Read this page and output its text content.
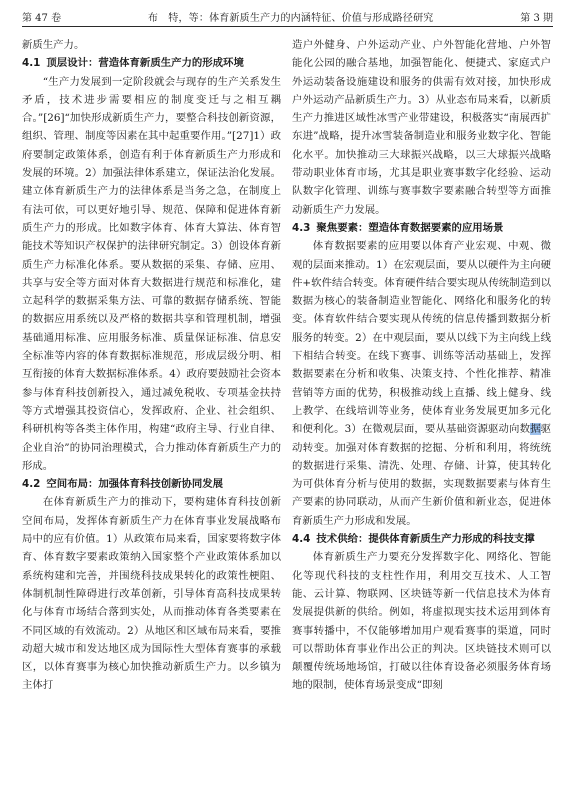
第 47 卷	布　特，等：体育新质生产力的内涵特征、价值与形成路径研究	第 3 期

新质生产力。

4.1 顶层设计：营造体育新质生产力的形成环境

“生产力发展到一定阶段就会与现存的生产关系发生矛盾，技术进步需要相应的制度变迁与之相互耦合。”[26]“加快形成新质生产力，要整合科技创新资源，组织、管理、制度等因素在其中起重要作用。”[27]1）政府要制定政策体系，创造有利于体育新质生产力形成和发展的环境。2）加强法律体系建立，保证法治化发展。建立体育新质生产力的法律体系是当务之急，在制度上有法可依，可以更好地引导、规范、保障和促进体育新质生产力的形成。比如数字体育、体育大算法、体育智能技术等知识产权保护的法律研究制定。3）创设体育新质生产力标准化体系。要从数据的采集、存储、应用、共享与安全等方面对体育大数据进行规范和标准化，建立起科学的数据采集方法、可靠的数据存储系统、智能的数据应用系统以及严格的数据共享和管理机制，增强基础通用标准、应用服务标准、质量保证标准、信息安全标准等内容的体育数据标准规范，形成层级分明、相互衔接的体育大数据标准体系。4）政府要鼓励社会资本参与体育科技创新投入，通过减免税收、专项基金扶持等方式增强其投资信心，发挥政府、企业、社会组织、科研机构等各类主体作用，构建“政府主导、行业自律、企业自治”的协同治理模式，合力推动体育新质生产力的形成。

4.2 空间布局：加强体育科技创新协同发展

在体育新质生产力的推动下，要构建体育科技创新空间布局，发挥体育新质生产力在体育事业发展战略布局中的应有价值。1）从政策布局来看，国家要将数字体育、体育数字要素政策纳入国家整个产业政策体系加以系统构建和完善，并围绕科技成果转化的政策性梗阻、体制机制性障碍进行改革创新，引导体育高科技成果转化与体育市场结合落到实处，从而推动体育各类要素在不同区域的有效流动。2）从地区和区域布局来看，要推动超大城市和发达地区成为国际性大型体育赛事的承载区，以体育赛事为核心加快推动新质生产力。以乡镇为主体打

造户外健身、户外运动产业、户外智能化营地、户外智能化公园的融合基地，加强智能化、便捷式、家庭式户外运动装备设施建设和服务的供需有效对接，加快形成户外运动产品新质生产力。3）从业态布局来看，以新质生产力推进区域性冰雪产业带建设，积极落实“南展西扩东进”战略，提升冰雪装备制造业和服务业数字化、智能化水平。加快推动三大球振兴战略，以三大球振兴战略带动职业体育市场，尤其是职业赛事数字化经验、运动队数字化管理、训练与赛事数字要素融合转型等方面推动新质生产力发展。

4.3 聚焦要素：塑造体育数据要素的应用场景

体育数据要素的应用要以体育产业宏观、中观、微观的层面来推动。1）在宏观层面，要从以硬件为主向硬件+软件结合转变。体育硬件结合要实现从传统制造到以数据为核心的装备制造业智能化、网络化和服务化的转变。体育软件结合要实现从传统的信息传播到数据分析服务的转变。2）在中观层面，要从以线下为主向线上线下相结合转变。在线下赛事、训练等活动基础上，发挥数据要素在分析和收集、决策支持、个性化推荐、精准营销等方面的优势，积极推动线上直播、线上健身、线上教学、在线培训等业务，使体育业务发展更加多元化和便利化。3）在微观层面，要从基础资源驱动向数据驱动转变。加强对体育数据的挖掘、分析和利用，将统统的数据进行采集、清洗、处理、存储、计算，使其转化为可供体育分析与使用的数据，实现数据要素与体育生产要素的协同联动，从而产生新价值和新业态，促进体育新质生产力形成和发展。

4.4 技术供给：提供体育新质生产力形成的科技支撑

体育新质生产力要充分发挥数字化、网络化、智能化等现代科技的支柱性作用，利用交互技术、人工智能、云计算、物联网、区块链等新一代信息技术为体育发展提供新的供给。例如，将虚拟现实技术运用到体育赛事转播中，不仅能够增加用户观看赛事的渠道，同时可以帮助体育事业作出公正的判决。区块链技术则可以颠覆传统场地场馆，打破以往体育设备必须服务体育场地的限制，使体育场景变成“即刻
